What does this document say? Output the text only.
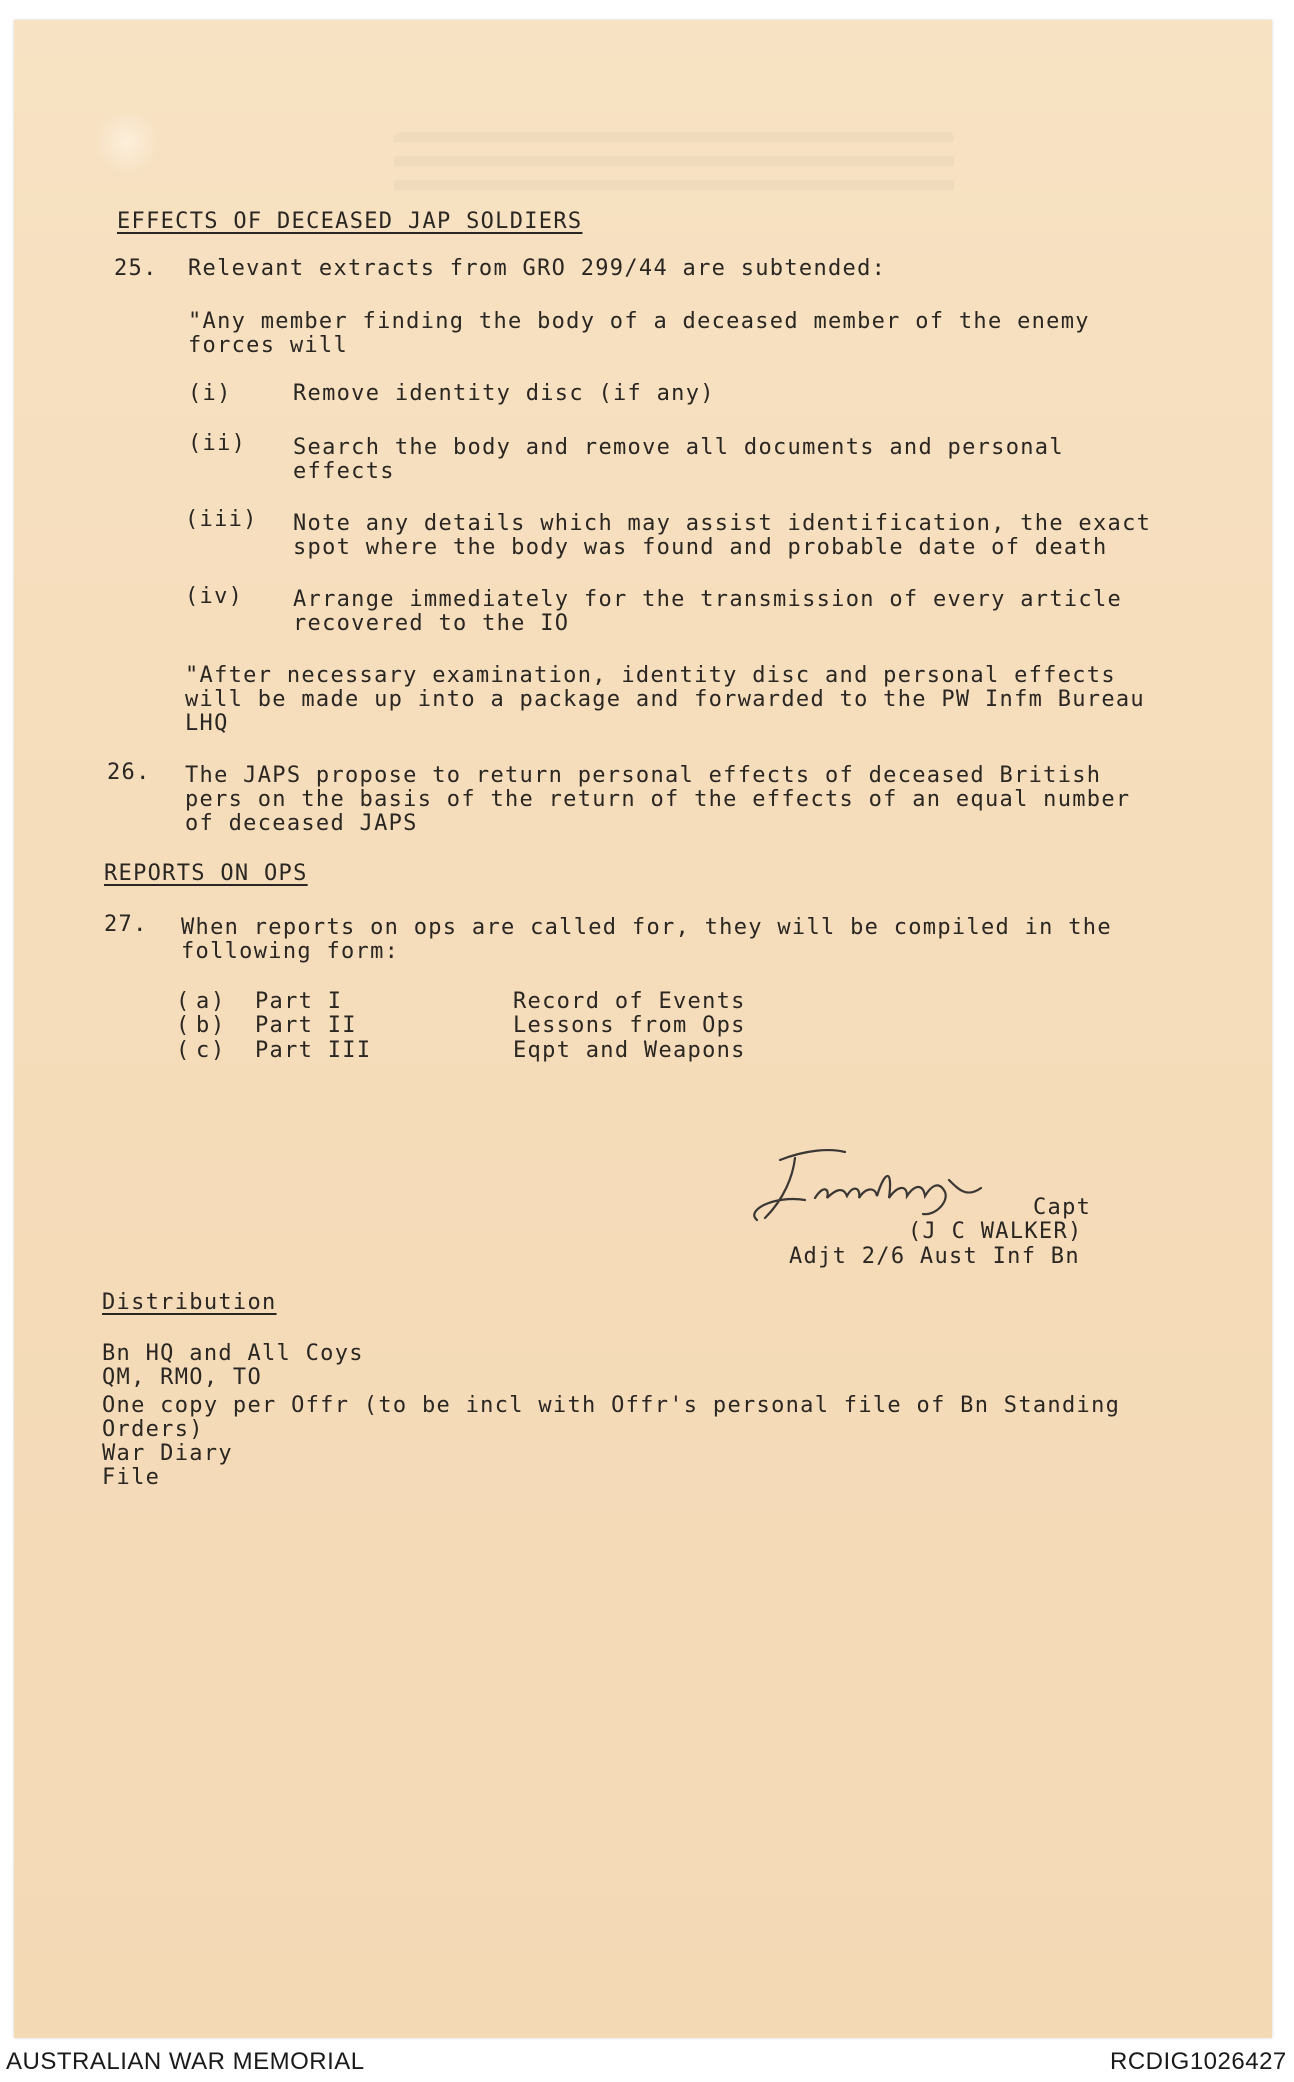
EFFECTS OF DECEASED JAP SOLDIERS
25. Relevant extracts from GRO 299/44 are subtended:
"Any member finding the body of a deceased member of the enemy
forces will
(i)	Remove identity disc (if any)
(ii) Search the body and remove all documents and personal
effects
(iii) Note any details which may assist identification, the exact
spot where the body was found and probable date of death
(iv) Arrange immediately for the transmission of every article
recovered to the IO
"After necessary examination, identity disc and personal effects
will be made up into a package and forwarded to the PW Infm Bureau
LHQ
26. The JAPS propose to return personal effects of deceased British
pers on the basis of the return of the effects of an equal number
of deceased JAPS
REPORTS ON OPS
27. When reports on ops are called for, they will be compiled in the
following form:
( a ) Part I	Record of Events
( b ) Part II	Lessons from Ops
( c ) Part III	Eqpt and Weapons
Capt
(J C WALKER)
Adjt 2/6 Aust Inf Bn
Distribution
Bn HQ and All Coys
QM, RMO, TO
One copy per Offr (to be incl with Offr's personal file of Bn Standing
Orders)
War Diary
File
AUSTRALIAN WAR MEMORIAL	RCDIG1026427
